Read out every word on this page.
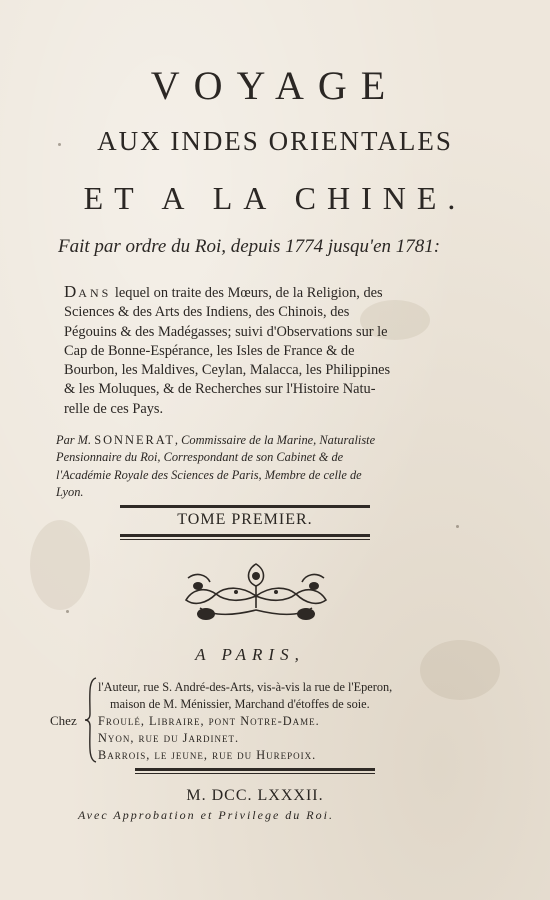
VOYAGE
AUX INDES ORIENTALES
ET A LA CHINE.
Fait par ordre du Roi, depuis 1774 jusqu'en 1781:
DANS lequel on traite des Mœurs, de la Religion, des
Sciences & des Arts des Indiens, des Chinois, des
Pégouins & des Madégasses; suivi d'Observations sur le
Cap de Bonne-Espérance, les Isles de France & de
Bourbon, les Maldives, Ceylan, Malacca, les Philippines
& les Moluques, & de Recherches sur l'Histoire Natu-
relle de ces Pays.
Par M. SONNERAT, Commissaire de la Marine, Naturaliste
Pensionnaire du Roi, Correspondant de son Cabinet & de
l'Académie Royale des Sciences de Paris, Membre de celle de
Lyon.
TOME PREMIER.
A PARIS,
Chez
l'Auteur, rue S. André-des-Arts, vis-à-vis la rue de l'Eperon,
maison de M. Ménissier, Marchand d'étoffes de soie.
Froulé, Libraire, pont Notre-Dame.
Nyon, rue du Jardinet.
Barrois, le jeune, rue du Hurepoix.
M. DCC. LXXXII.
Avec Approbation et Privilege du Roi.
